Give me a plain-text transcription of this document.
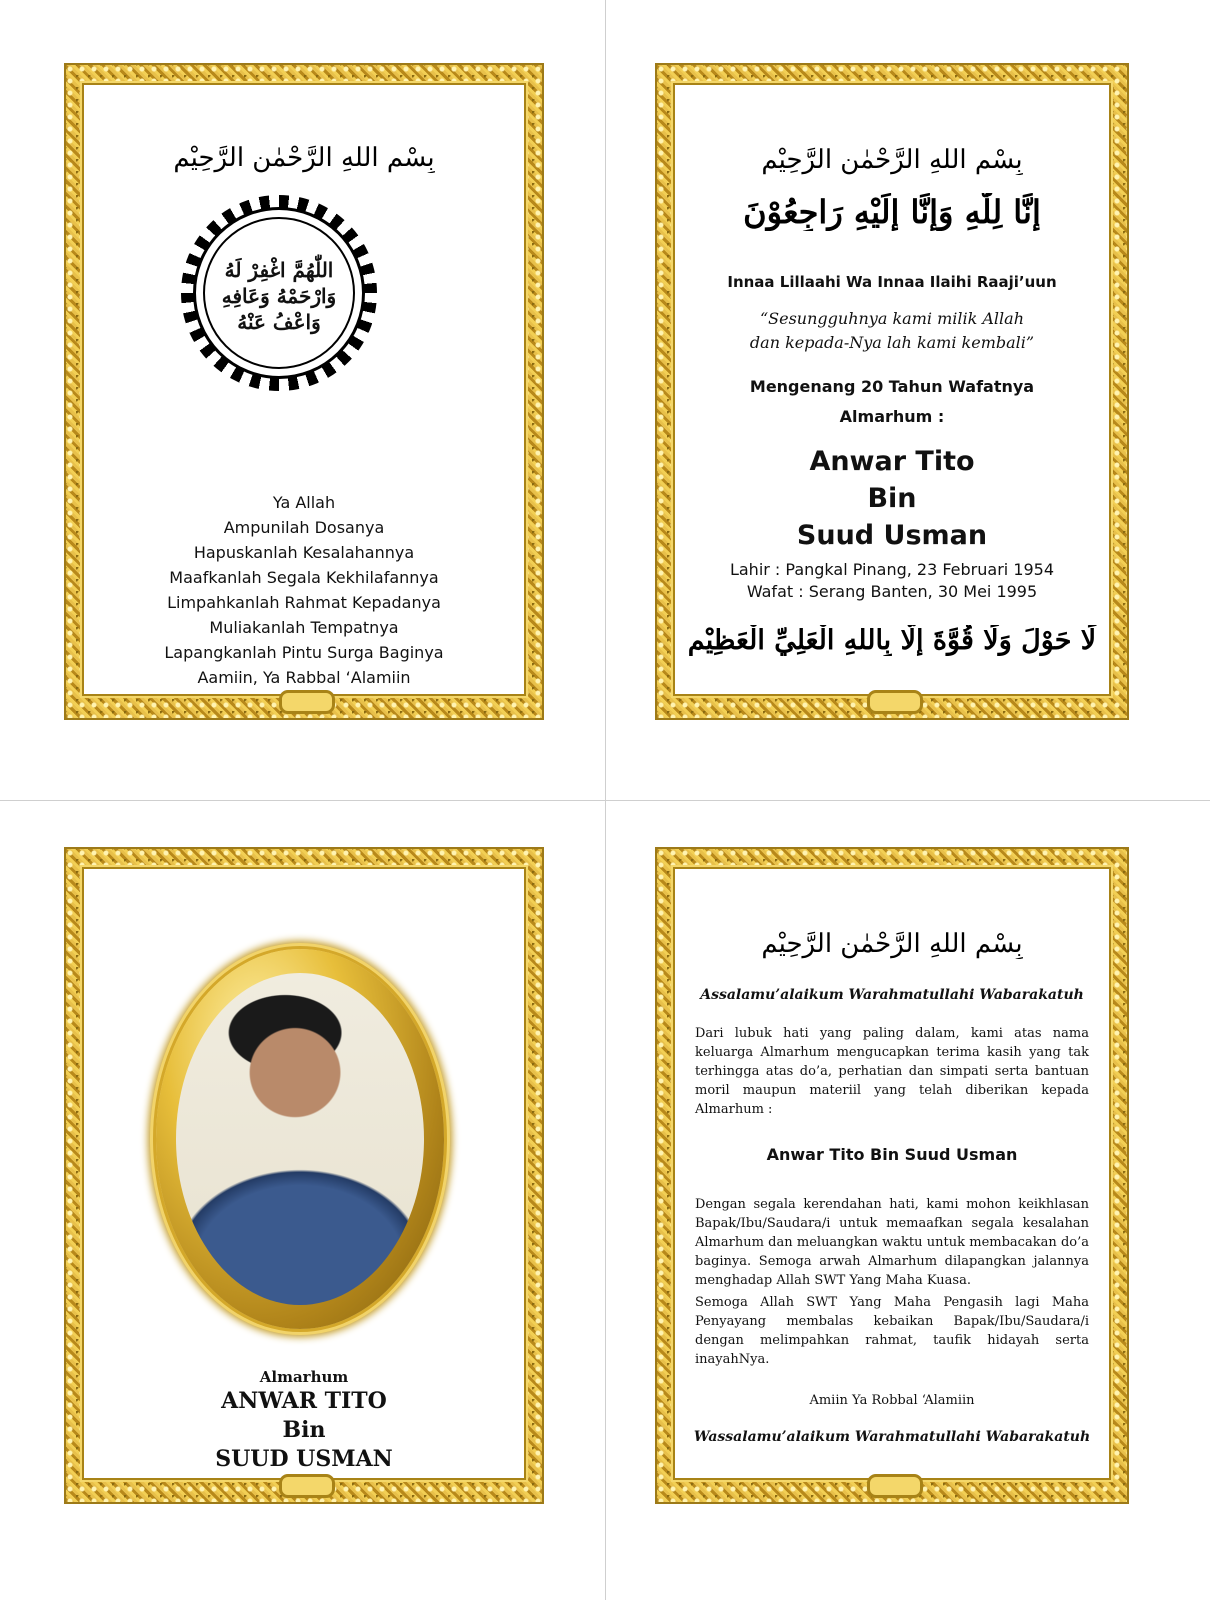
بِسْمِ اللهِ الرَّحْمٰنِ الرَّحِيْمِ
اللّٰهُمَّ اغْفِرْ لَهُ
وَارْحَمْهُ وَعَافِهِ
وَاعْفُ عَنْهُ
Ya Allah
Ampunilah Dosanya
Hapuskanlah Kesalahannya
Maafkanlah Segala Kekhilafannya
Limpahkanlah Rahmat Kepadanya
Muliakanlah Tempatnya
Lapangkanlah Pintu Surga Baginya
Aamiin, Ya Rabbal ‘Alamiin
بِسْمِ اللهِ الرَّحْمٰنِ الرَّحِيْمِ
إِنَّا لِلّٰهِ وَإِنَّا إِلَيْهِ رَاجِعُوْنَ
Innaa Lillaahi Wa Innaa Ilaihi Raaji’uun
“Sesungguhnya kami milik Allah
dan kepada-Nya lah kami kembali”
Mengenang 20 Tahun Wafatnya
Almarhum :
Anwar Tito
Bin
Suud Usman
Lahir : Pangkal Pinang, 23 Februari 1954
Wafat : Serang Banten, 30 Mei 1995
لَا حَوْلَ وَلَا قُوَّةَ إِلَّا بِاللهِ الْعَلِيِّ الْعَظِيْمِ
Almarhum
ANWAR TITO
Bin
SUUD USMAN
بِسْمِ اللهِ الرَّحْمٰنِ الرَّحِيْمِ
Assalamu’alaikum Warahmatullahi Wabarakatuh
Dari lubuk hati yang paling dalam, kami atas nama keluarga Almarhum mengucapkan terima kasih yang tak terhingga atas do’a, perhatian dan simpati serta bantuan moril maupun materiil yang telah diberikan kepada Almarhum :
Anwar Tito Bin Suud Usman
Dengan segala kerendahan hati, kami mohon keikhlasan Bapak/Ibu/Saudara/i untuk memaafkan segala kesalahan Almarhum dan meluangkan waktu untuk membacakan do’a baginya. Semoga arwah Almarhum dilapangkan jalannya menghadap Allah SWT Yang Maha Kuasa.
Semoga Allah SWT Yang Maha Pengasih lagi Maha Penyayang membalas kebaikan Bapak/Ibu/Saudara/i dengan melimpahkan rahmat, taufik hidayah serta inayahNya.
Amiin Ya Robbal ‘Alamiin
Wassalamu’alaikum Warahmatullahi Wabarakatuh
